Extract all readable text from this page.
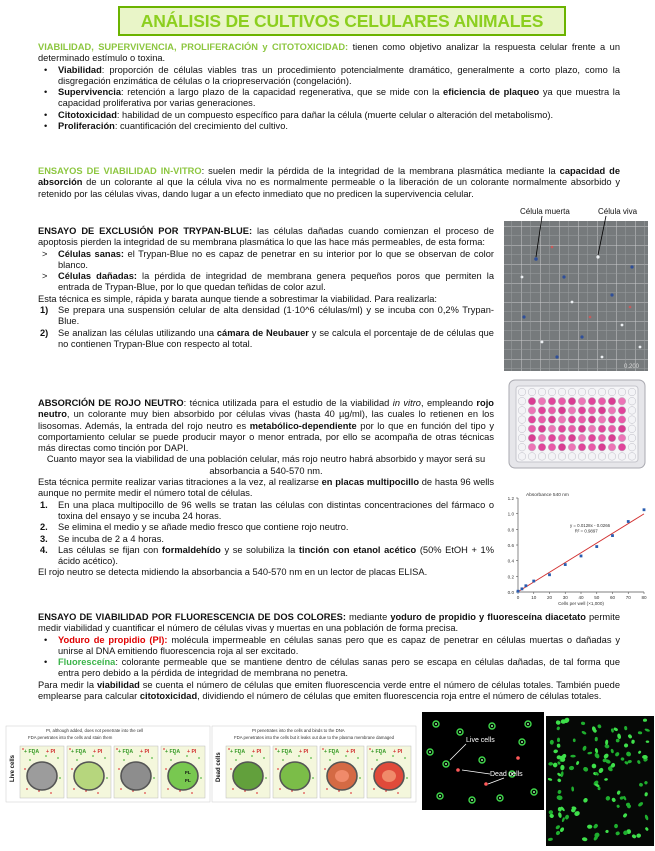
ANÁLISIS DE CULTIVOS CELULARES ANIMALES
VIABILIDAD, SUPERVIVENCIA, PROLIFERACIÓN y CITOTOXICIDAD: tienen como objetivo analizar la respuesta celular frente a un determinado estímulo o toxina.
• Viabilidad: proporción de células viables tras un procedimiento potencialmente dramático, generalmente a corto plazo, como la disgregación enzimática de células o la criopreservación (congelación).
• Supervivencia: retención a largo plazo de la capacidad regenerativa, que se mide con la eficiencia de plaqueo ya que muestra la capacidad proliferativa por varias generaciones.
• Citotoxicidad: habilidad de un compuesto específico para dañar la célula (muerte celular o alteración del metabolismo).
• Proliferación: cuantificación del crecimiento del cultivo.
ENSAYOS DE VIABILIDAD IN-VITRO: suelen medir la pérdida de la integridad de la membrana plasmática mediante la capacidad de absorción de un colorante al que la célula viva no es normalmente permeable o la liberación de un colorante normalmente absorbido y retenido por las células vivas, dando lugar a un efecto inmediato que no predicen la supervivencia celular.
ENSAYO DE EXCLUSIÓN POR TRYPAN-BLUE: las células dañadas cuando comienzan el proceso de apoptosis pierden la integridad de su membrana plasmática lo que las hace más permeables, de esta forma:
> Células sanas: el Trypan-Blue no es capaz de penetrar en su interior por lo que se observan de color blanco.
> Células dañadas: la pérdida de integridad de membrana genera pequeños poros que permiten la entrada de Trypan-Blue, por lo que quedan teñidas de color azul.
Esta técnica es simple, rápida y barata aunque tiende a sobrestimar la viabilidad. Para realizarla:
1) Se prepara una suspensión celular de alta densidad (1·10^6 células/ml) y se incuba con 0,2% Trypan-Blue.
2) Se analizan las células utilizando una cámara de Neubauer y se calcula el porcentaje de de células que no contienen Trypan-Blue con respecto al total.
Célula muerta	Célula viva
0.200
ABSORCIÓN DE ROJO NEUTRO: técnica utilizada para el estudio de la viabilidad in vitro, empleando rojo neutro, un colorante muy bien absorbido por células vivas (hasta 40 µg/ml), las cuales lo retienen en los lisosomas. Además, la entrada del rojo neutro es metabólico-dependiente por lo que en función del tipo y comportamiento celular se puede producir mayor o menor entrada, por ello se acompaña de otras técnicas más directas como tinción por DAPI.
Cuanto mayor sea la viabilidad de una población celular, más rojo neutro habrá absorbido y mayor será su absorbancia a 540-570 nm.
Esta técnica permite realizar varias titraciones a la vez, al realizarse en placas multipocillo de hasta 96 wells aunque no permite medir el número total de células.
1. En una placa multipocillo de 96 wells se tratan las células con distintas concentraciones del fármaco o toxina del ensayo y se incuba 24 horas.
2. Se elimina el medio y se añade medio fresco que contiene rojo neutro.
3. Se incuba de 2 a 4 horas.
4. Las células se fijan con formaldehído y se solubiliza la tinción con etanol acético (50% EtOH + 1% ácido acético).
El rojo neutro se detecta midiendo la absorbancia a 540-570 nm en un lector de placas ELISA.
0.0
0.2
0.4
0.6
0.8
1.0
1.2
0	10 20 30 40 50 60 70 80
Absorbance 540 nm
Cells per well (×1,000)
y = 0.0128x - 0.0266
R² = 0.9897
ENSAYO DE VIABILIDAD POR FLUORESCENCIA DE DOS COLORES: mediante yoduro de propidio y fluoresceína diacetato permite medir viabilidad y cuantificar el número de células vivas y muertas en una población de forma precisa.
• Yoduro de propidio (PI): molécula impermeable en células sanas pero que es capaz de penetrar en células muertas o dañadas y unirse al DNA emitiendo fluorescencia roja al ser excitado.
• Fluoresceína: colorante permeable que se mantiene dentro de células sanas pero se escapa en células dañadas, de tal forma que entra pero debido a la pérdida de integridad de membrana no penetra.
Para medir la viabilidad se cuenta el número de células que emiten fluorescencia verde entre el número de células totales. También puede emplearse para calcular citotoxicidad, dividiendo el número de células que emiten fluorescencia roja entre el número de células totales.
PI, although added, does not penetrate into the cell
FDA penetrates into the cells and stain them
Live cells
+ FDA + PI	+ FDA + PI	+ FDA + PI	+ FDA + PI
FL
FL
PI penetrates into the cells and binds to the DNA
FDA penetrates into the cells but it leaks out due to the plasma membrane damaged
Dead cells
+ FDA + PI	+ FDA + PI	+ FDA + PI	+ FDA + PI
Live cells
Dead cells
